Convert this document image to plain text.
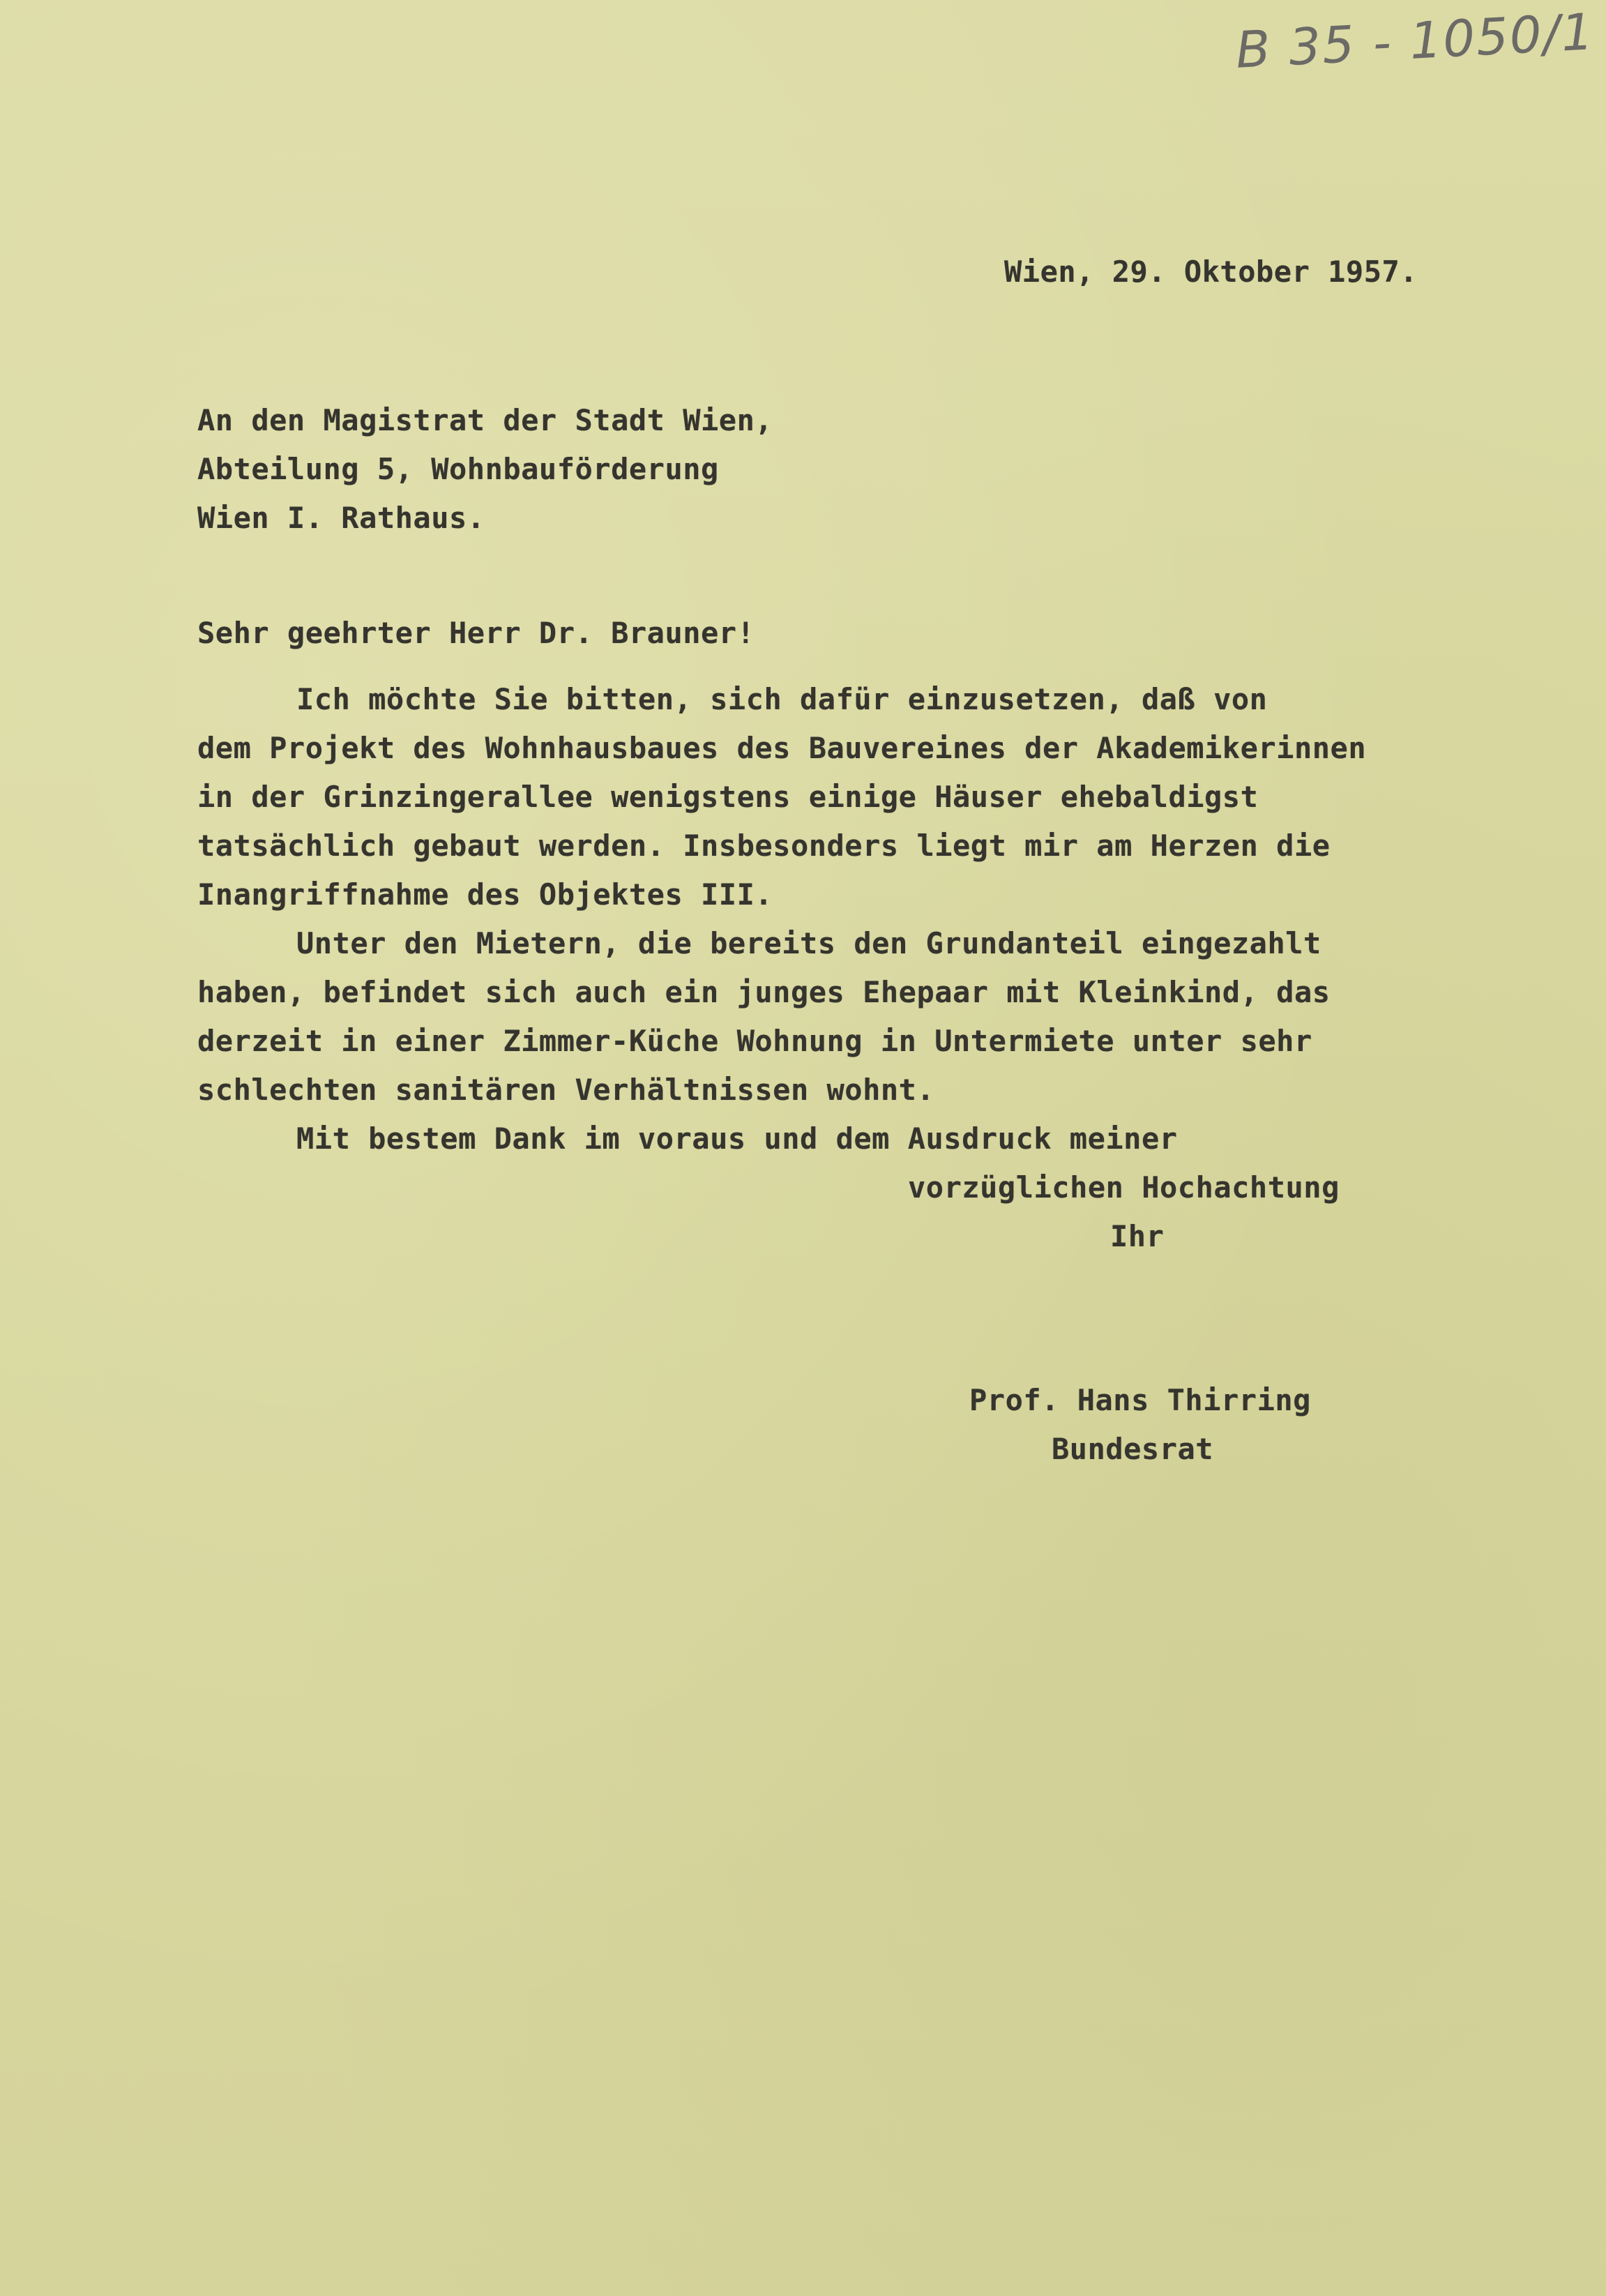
B 35 - 1050/1
Wien, 29. Oktober 1957.
An den Magistrat der Stadt Wien,
Abteilung 5, Wohnbauförderung
Wien I. Rathaus.
Sehr geehrter Herr Dr. Brauner!
Ich möchte Sie bitten, sich dafür einzusetzen, daß von
dem Projekt des Wohnhausbaues des Bauvereines der Akademikerinnen
in der Grinzingerallee wenigstens einige Häuser ehebaldigst
tatsächlich gebaut werden. Insbesonders liegt mir am Herzen die
Inangriffnahme des Objektes III.
Unter den Mietern, die bereits den Grundanteil eingezahlt
haben, befindet sich auch ein junges Ehepaar mit Kleinkind, das
derzeit in einer Zimmer-Küche Wohnung in Untermiete unter sehr
schlechten sanitären Verhältnissen wohnt.
Mit bestem Dank im voraus und dem Ausdruck meiner
vorzüglichen Hochachtung
Ihr
Prof. Hans Thirring
Bundesrat
